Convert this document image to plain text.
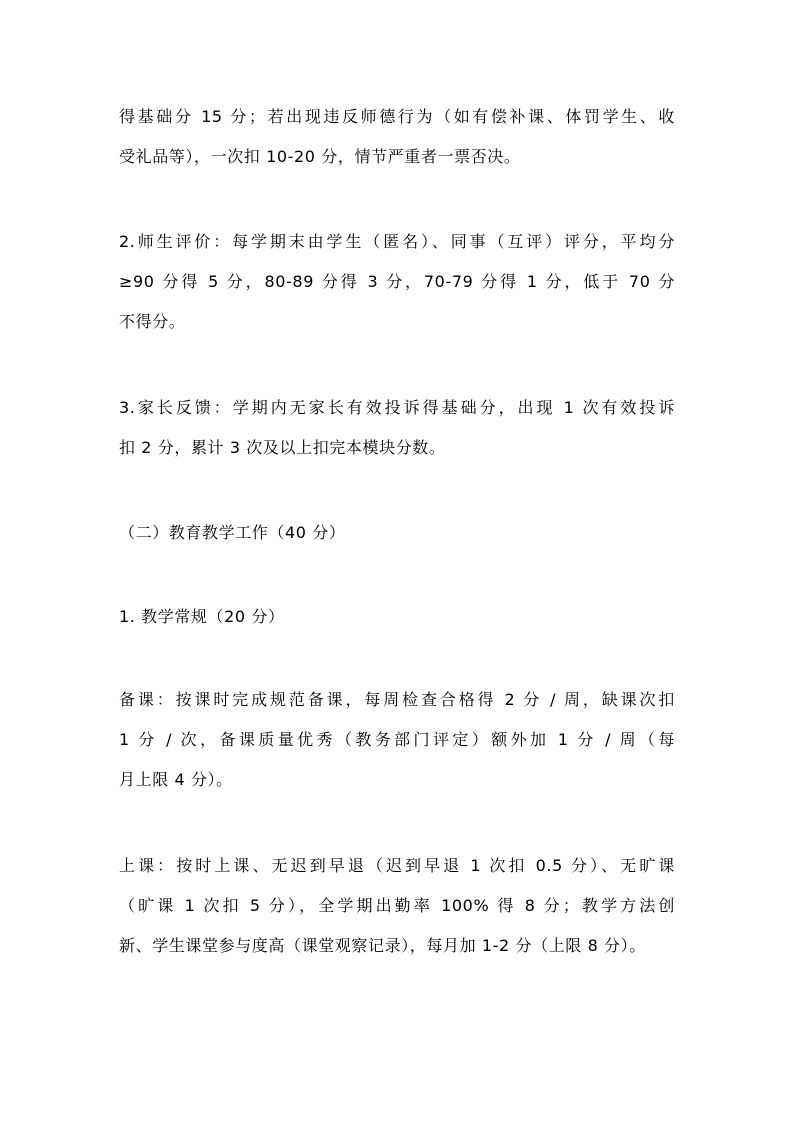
得基础分 15 分；若出现违反师德行为（如有偿补课、体罚学生、收
受礼品等），一次扣 10-20 分，情节严重者一票否决。
2.师生评价：每学期末由学生（匿名）、同事（互评）评分，平均分
≥90 分得 5 分，80-89 分得 3 分，70-79 分得 1 分，低于 70 分
不得分。
3.家长反馈：学期内无家长有效投诉得基础分，出现 1 次有效投诉
扣 2 分，累计 3 次及以上扣完本模块分数。
（二）教育教学工作（40 分）
1. 教学常规（20 分）
备课：按课时完成规范备课，每周检查合格得 2 分 / 周，缺课次扣
1 分 / 次，备课质量优秀（教务部门评定）额外加 1 分 / 周（每
月上限 4 分）。
上课：按时上课、无迟到早退（迟到早退 1 次扣 0.5 分）、无旷课
（旷课 1 次扣 5 分），全学期出勤率 100% 得 8 分；教学方法创
新、学生课堂参与度高（课堂观察记录），每月加 1-2 分（上限 8 分）。
